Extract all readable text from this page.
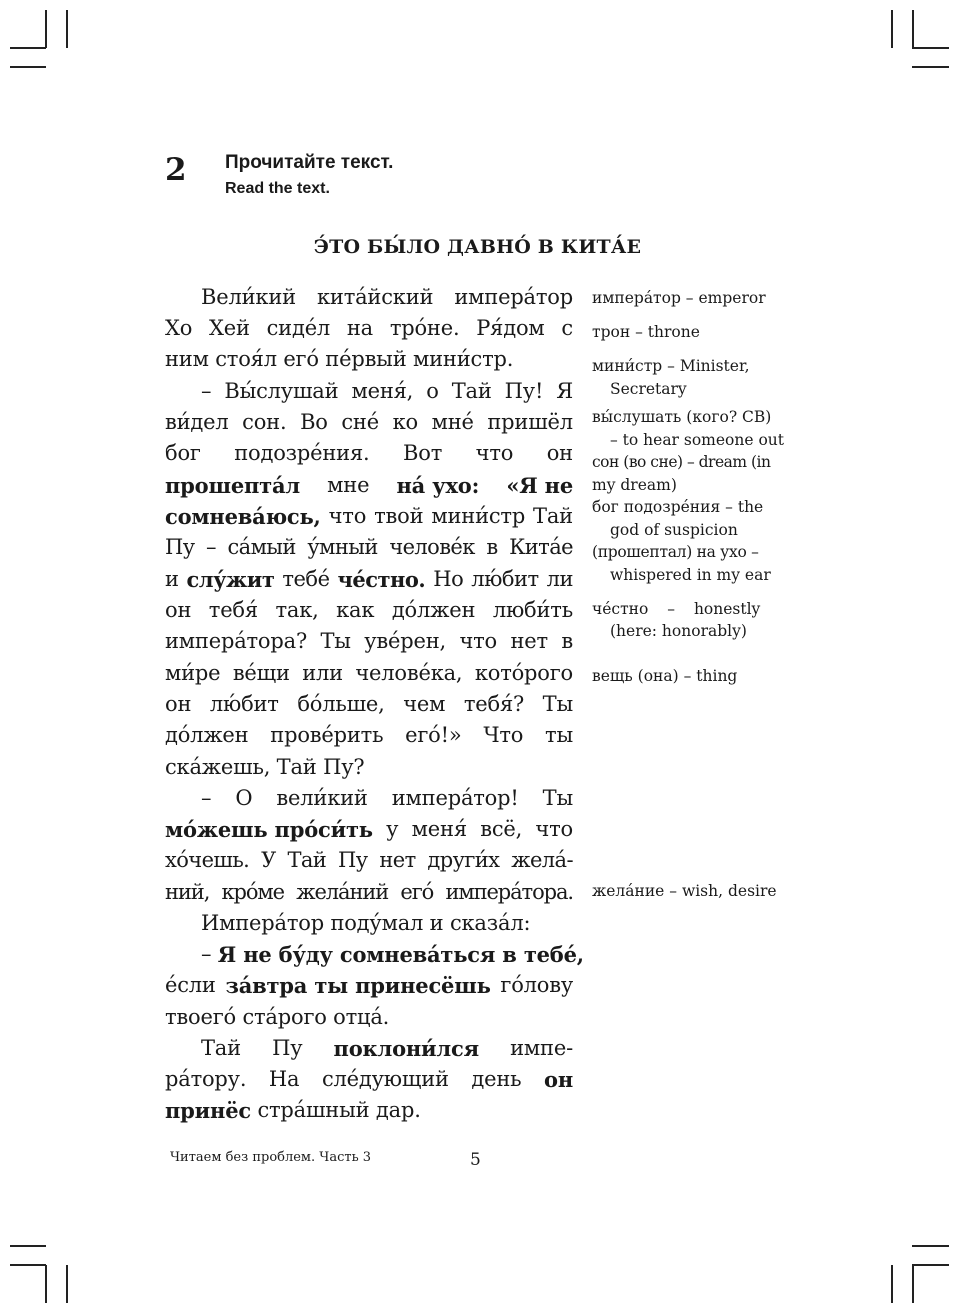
2 Прочитайте текст.
Read the text.
Э́ТО БЫ́ЛО ДАВНО́ В КИТА́Е
Вели́кий кита́йский импера́тор
Хо Хей сиде́л на тро́не. Ря́дом с
ним
стоя́л
его́
пе́рвый
мини́стр.
– Вы́слушай меня́, о Тай Пу! Я
ви́дел сон. Во сне́ ко мне́ пришёл
бог подозре́ния. Вот что он
прошепта́л мне на́ ухо: «Я не
сомнева́юсь, что твой мини́стр Тай
Пу – са́мый у́мный челове́к в Кита́е
и слу́жит тебе́ че́стно. Но лю́бит ли
он тебя́ так, как до́лжен люби́ть
импера́тора? Ты уве́рен, что нет в
ми́ре ве́щи или челове́ка, кото́рого
он лю́бит бо́льше, чем тебя́? Ты
до́лжен прове́рить его́!» Что ты
ска́жешь,
Тай
Пу?
– О вели́кий импера́тор! Ты
мо́жешь про́си́ть у меня́ всё, что
хо́чешь. У Тай Пу нет други́х жела́-
ний, кро́ме жела́ний его́ импера́тора.
Импера́тор
поду́мал
и
сказа́л:
–
Я не бу́ду сомнева́ться в тебе́,
е́сли за́втра ты принесёшь го́лову
твоего́
ста́рого
отца́.
Тай Пу поклони́лся импе-
ра́тору. На сле́дующий день он
принёс
стра́шный
дар.
импера́тор – emperor
трон – throne
мини́стр – Minister,
Secretary
вы́слушать (кого? СВ)
– to hear someone out
сон (во сне) – dream (in
my dream)
бог подозре́ния – the
god of suspicion
(прошептал) на ухо –
whispered in my ear
че́стно – honestly
(here: honorably)
вещь (она) – thing
жела́ние – wish, desire
Читаем без проблем. Часть 3	5
